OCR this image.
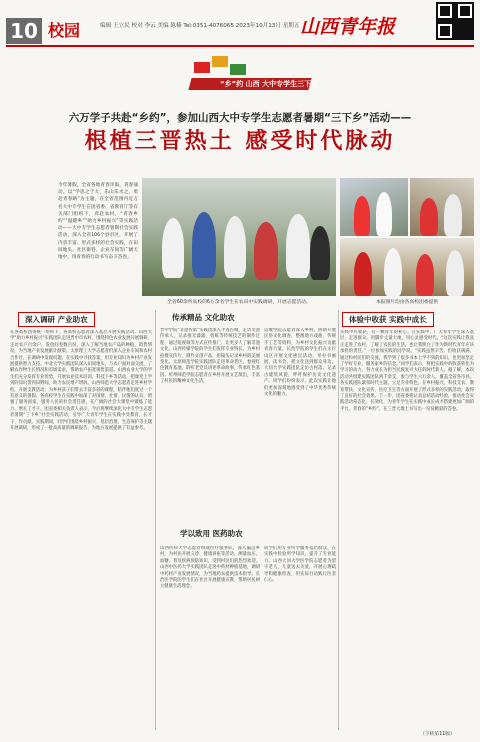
10 校园	编辑 王立民 校对 李云 美编 陈楠 Tel:0351-4076065 2023年10月13日 星期五 山西青年报
“乡”约 山西 大中专学生三下乡
六万学子共赴“乡约”，参加山西大中专学生志愿者暑期“三下乡”活动——
根植三晋热土 感受时代脉动
今年暑假，全省各地青春洋溢，青春涌动。以“学思之于大，乐山乐水之，勇赴青春路”为主题，在全省范围内近万名大中专学生在团省委、省教育厅等有关部门组织下，奔赴农村，“青春乡约”“温暖乡”“助力乡村振兴”等实践活动——大中专学生志愿者暑期社会实践活动，深入全省106个县市区，开展了内容丰富、形式多样的社会实践，在田间地头、社区街巷、企业车间等广阔天地中，用青春的行动书写奋斗答卷。
全省60余所高校的6万余名学生在农田中实践调研，开展志愿活动。	本报图片均由各高校团委提供
深入调研 产业助农	传承精品 文化助农	体验中收获 实践中成长
学以致用 医药助农
在各高校团委统一组织下，各高校志愿者深入基层开展实践活动。山西大学“助力乡村振兴”实践团队走进晋中市农村，围绕特色农业发展开展调研，走访农户百余户，发放问卷数百份，深入了解当地农产品的种植、销售情况，为当地产业发展献计献策。太原理工大学志愿者们深入企业车间和农村合作社，在调研中发现问题，在实践中寻找答案，用专业知识为乡村产业发展提供智力支持。中北大学实践团队深入田间地头，与农户面对面交流，了解农作物生长情况和市场需求，帮助农户拓宽销售渠道。山西农业大学的学生们充分发挥专业优势，开展农业技术培训、科技下乡等活动，把课堂上学到的知识带到田野间，助力农民增产增收。山西师范大学志愿者走进乡村学校，开展支教活动，为乡村孩子们带去丰富多彩的课程，陪伴他们度过一个有意义的暑假。各高校学生在实践中加深了对国情、社情、民情的认识，增强了服务国家、服务人民的社会责任感，在广阔的社会大课堂中锻炼了能力、增长了才干。团省委相关负责人表示，今后将继续深化大中专学生志愿者暑期“三下乡”社会实践活动，引导广大青年学生在实践中受教育、长才干、作贡献。实践期间，同学们围绕乡村振兴、基层治理、生态保护等主题开展调研，形成了一批高质量的调研报告，为地方发展提供了有益参考。
晋中学院“非遗传承”实践团深入平遥古城，走访非遗传承人，记录推光漆器、剪纸等传统技艺的制作过程，通过短视频等方式宣传推广，让更多人了解非遗文化。山西传媒学院的学生们发挥专业特长，为乡村拍摄宣传片、制作文创产品，用镜头记录乡村的美丽变化。太原师范学院实践团队走进革命老区，参观红色教育基地，聆听老党员讲述革命故事，传承红色基因。忻州师范学院志愿者在乡村开展文艺演出，丰富了村民的精神文化生活。
运城学院志愿者深入乡村，协助开展民俗文化调查，整理地方戏曲、传统手工艺等资料，为乡村文化振兴贡献青春力量。长治学院的学生们在太行山区开展文化惠民活动，举办书画展、读书会，把文化送到群众身边。大同大学实践团队走访古村落，记录古建筑风貌，呼吁保护历史文化遗产。同学们纷纷表示，此次实践让他们更加深刻地感受到了中华优秀传统文化的魅力。
实践中有收获，有一颗青年的初心。在实践中，广大青年学生深入基层、走进群众，用脚步丈量大地，用心灵感受时代。“这次实践让我真正走进了农村，了解了农民的生活，也让我明白了作为新时代青年应该承担的责任。”一位参加实践的同学说。“实践虽然辛苦，但收获满满。通过和村民们的交流，我学到了很多书本上学不到的知识，也更加坚定了学好专业、服务家乡的信念。”同学们表示，将把实践中的收获转化为学习的动力，努力成长为担当民族复兴大任的时代新人。据了解，本次活动共组建实践团队两千余支，参与学生六万余人，覆盖全省各市县。各实践团队紧扣时代主题，立足专业特色，在乡村振兴、科技支农、教育帮扶、文化宣传、医疗卫生等方面开展了形式多样的实践活动，取得了良好的社会效果。下一步，团省委将认真总结活动经验，推动社会实践活动常态化、长效化，为青年学生在实践中成长成才搭建更加广阔的平台。青春的“乡约”，在三晋大地上书写出一份份精彩的答卷。
山西医科大学志愿者组成医疗服务队，深入偏远乡村，为村民开展义诊、健康讲座等活动，测量血压、血糖，普及疾病预防知识，受到村民们的热烈欢迎。山西中医药大学实践团队走进中药材种植基地，调研中药材产业发展情况，为当地药农提供技术指导。长治医学院的学生们在社区开展健康宣教，帮助居民树立健康生活理念。
同学们用专业所学服务基层群众，在实践中检验所学知识，提升了专业能力。山西大同大学医学院志愿者为留守老人、儿童送去关爱，开展心理疏导和健康检查，用实际行动践行医者仁心。
（下转第11版）
